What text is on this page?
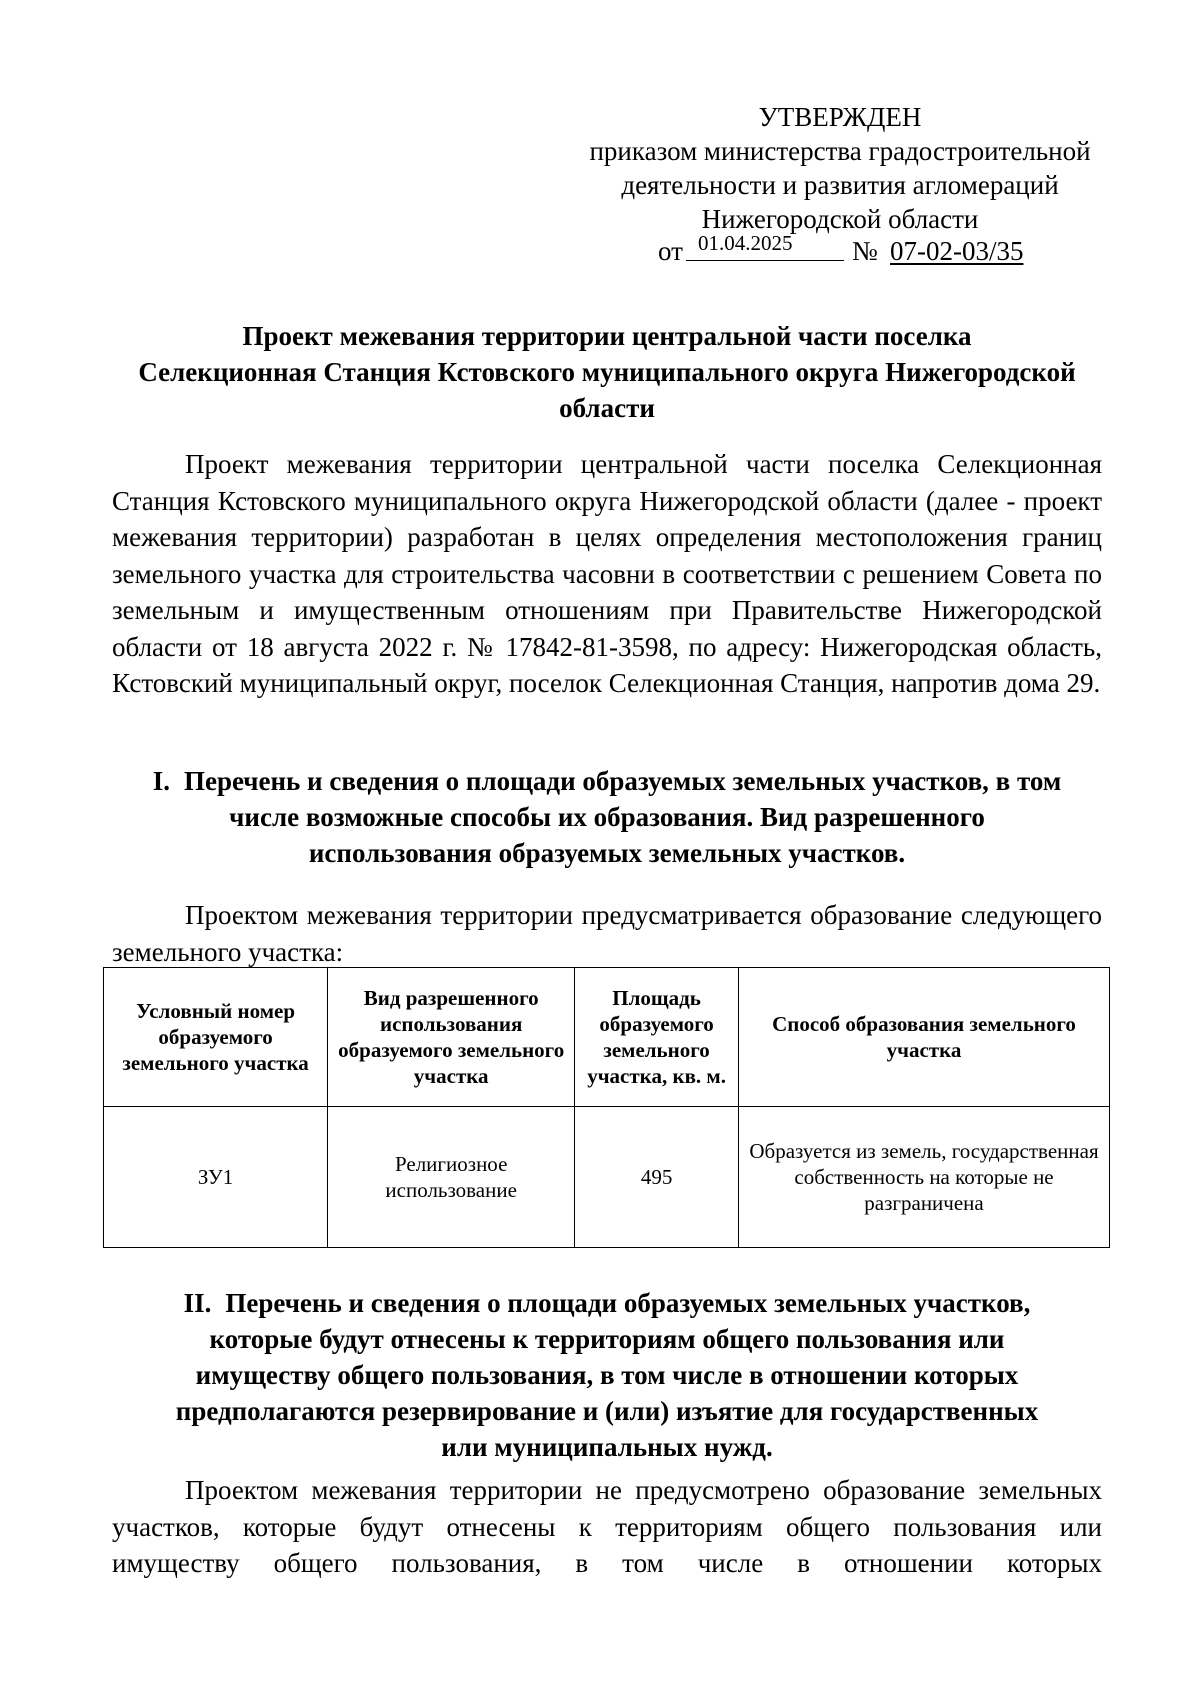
УТВЕРЖДЕН
приказом министерства градостроительной
деятельности и развития агломераций
Нижегородской области
от 01.04.2025 № 07-02-03/35
Проект межевания территории центральной части поселка
Селекционная Станция Кстовского муниципального округа Нижегородской
области

Проект межевания территории центральной части поселка Селекционная Станция Кстовского муниципального округа Нижегородской области (далее - проект межевания территории) разработан в целях определения местоположения границ земельного участка для строительства часовни в соответствии с решением Совета по земельным и имущественным отношениям при Правительстве Нижегородской области от 18 августа 2022 г. № 17842-81-3598, по адресу: Нижегородская область, Кстовский муниципальный округ, поселок Селекционная Станция, напротив дома 29.

I. Перечень и сведения о площади образуемых земельных участков, в том
числе возможные способы их образования. Вид разрешенного
использования образуемых земельных участков.

Проектом межевания территории предусматривается образование следующего земельного участка:

Условный номер образуемого земельного участка	Вид разрешенного использования образуемого земельного участка	Площадь образуемого земельного участка, кв. м.	Способ образования земельного участка
ЗУ1	Религиозное использование	495	Образуется из земель, государственная собственность на которые не разграничена
II. Перечень и сведения о площади образуемых земельных участков,
которые будут отнесены к территориям общего пользования или
имуществу общего пользования, в том числе в отношении которых
предполагаются резервирование и (или) изъятие для государственных
или муниципальных нужд.

Проектом межевания территории не предусмотрено образование земельных участков, которые будут отнесены к территориям общего пользования или имуществу общего пользования, в том числе в отношении которых
